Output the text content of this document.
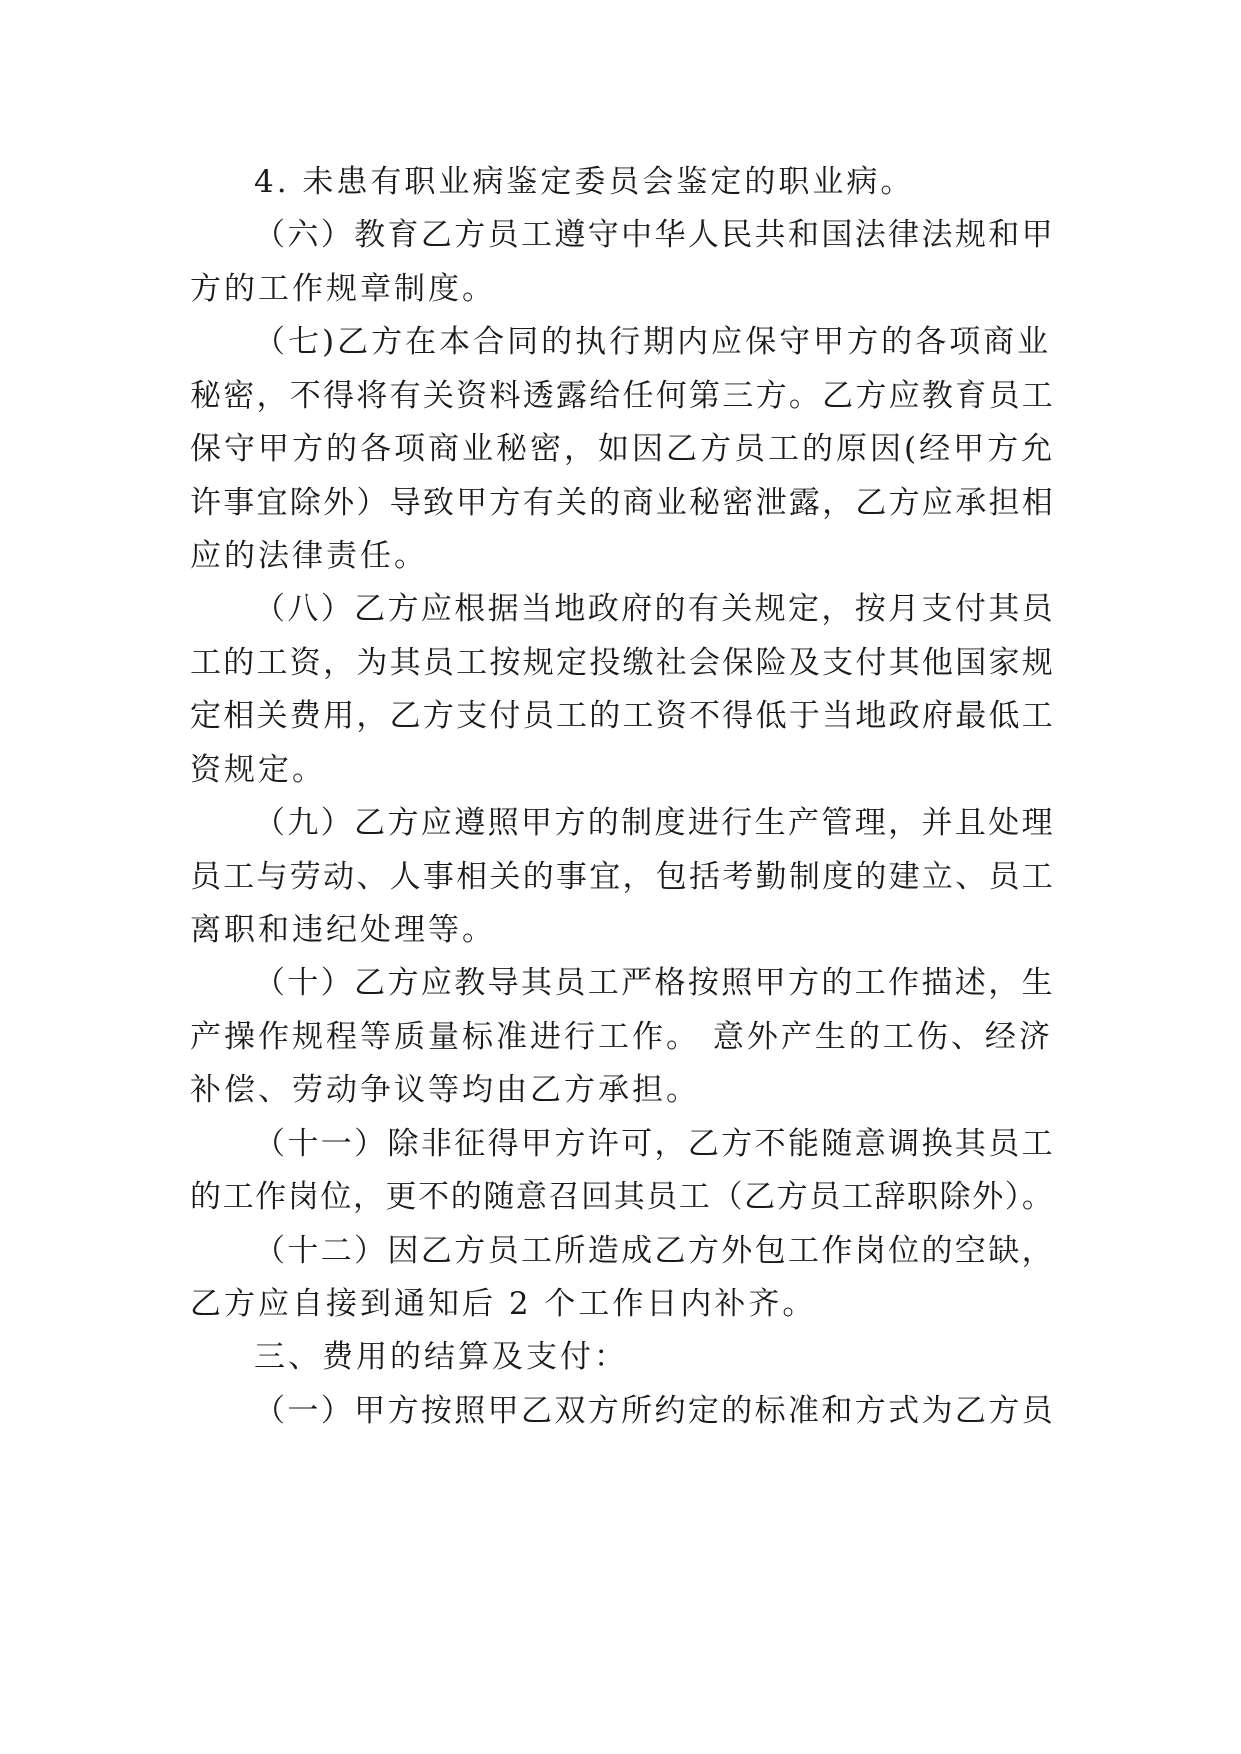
4. 未患有职业病鉴定委员会鉴定的职业病。
（六）教育乙方员工遵守中华人民共和国法律法规和甲
方的工作规章制度。
（七)乙方在本合同的执行期内应保守甲方的各项商业
秘密，不得将有关资料透露给任何第三方。乙方应教育员工
保守甲方的各项商业秘密，如因乙方员工的原因(经甲方允
许事宜除外）导致甲方有关的商业秘密泄露，乙方应承担相
应的法律责任。
（八）乙方应根据当地政府的有关规定，按月支付其员
工的工资，为其员工按规定投缴社会保险及支付其他国家规
定相关费用，乙方支付员工的工资不得低于当地政府最低工
资规定。
（九）乙方应遵照甲方的制度进行生产管理，并且处理
员工与劳动、人事相关的事宜，包括考勤制度的建立、员工
离职和违纪处理等。
（十）乙方应教导其员工严格按照甲方的工作描述，生
产操作规程等质量标准进行工作。 意外产生的工伤、经济
补偿、劳动争议等均由乙方承担。
（十一）除非征得甲方许可，乙方不能随意调换其员工
的工作岗位，更不的随意召回其员工（乙方员工辞职除外）。
（十二）因乙方员工所造成乙方外包工作岗位的空缺，
乙方应自接到通知后 2 个工作日内补齐。
三、费用的结算及支付：
（一）甲方按照甲乙双方所约定的标准和方式为乙方员
